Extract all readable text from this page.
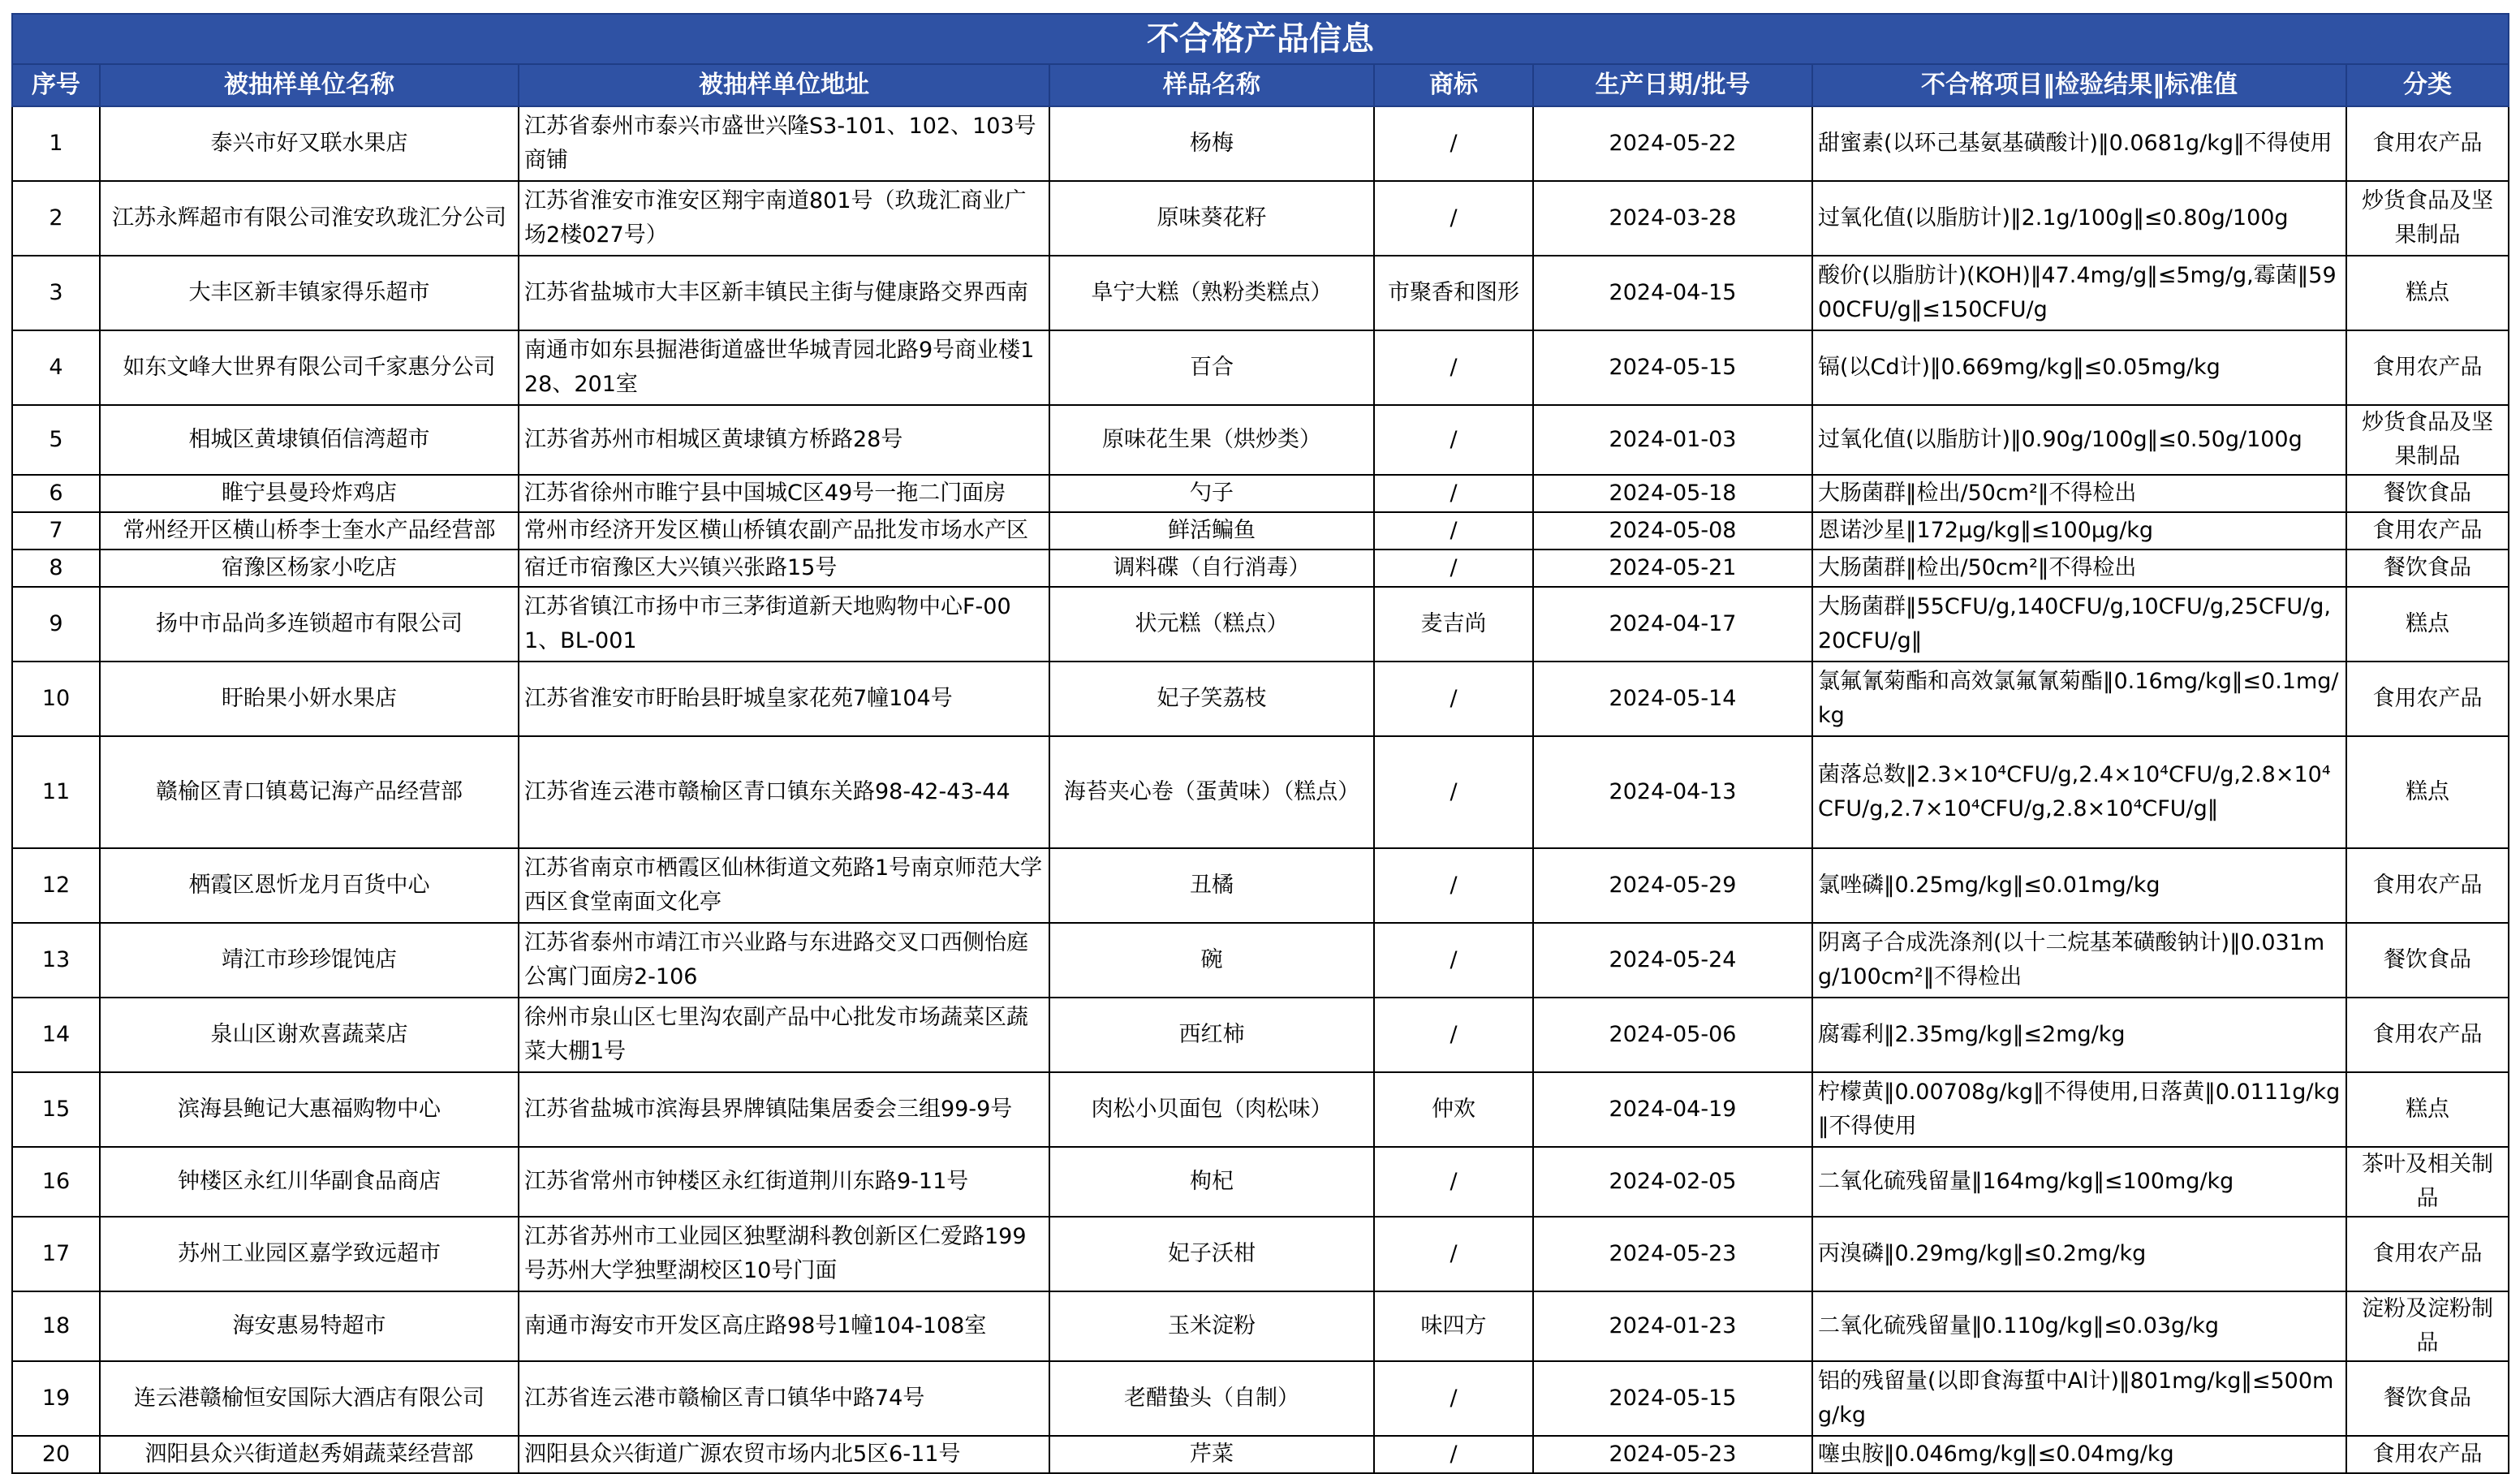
不合格产品信息							
序号	被抽样单位名称	被抽样单位地址	样品名称	商标	生产日期/批号	不合格项目‖检验结果‖标准值	分类
1	泰兴市好又联水果店	江苏省泰州市泰兴市盛世兴隆S3-101、102、103号商铺	杨梅	/	2024-05-22	甜蜜素(以环己基氨基磺酸计)‖0.0681g/kg‖不得使用	食用农产品
2	江苏永辉超市有限公司淮安玖珑汇分公司	江苏省淮安市淮安区翔宇南道801号（玖珑汇商业广场2楼027号）	原味葵花籽	/	2024-03-28	过氧化值(以脂肪计)‖2.1g/100g‖≤0.80g/100g	炒货食品及坚果制品
3	大丰区新丰镇家得乐超市	江苏省盐城市大丰区新丰镇民主街与健康路交界西南	阜宁大糕（熟粉类糕点）	市聚香和图形	2024-04-15	酸价(以脂肪计)(KOH)‖47.4mg/g‖≤5mg/g,霉菌‖5900CFU/g‖≤150CFU/g	糕点
4	如东文峰大世界有限公司千家惠分公司	南通市如东县掘港街道盛世华城青园北路9号商业楼128、201室	百合	/	2024-05-15	镉(以Cd计)‖0.669mg/kg‖≤0.05mg/kg	食用农产品
5	相城区黄埭镇佰信湾超市	江苏省苏州市相城区黄埭镇方桥路28号	原味花生果（烘炒类）	/	2024-01-03	过氧化值(以脂肪计)‖0.90g/100g‖≤0.50g/100g	炒货食品及坚果制品
6	睢宁县曼玲炸鸡店	江苏省徐州市睢宁县中国城C区49号一拖二门面房	勺子	/	2024-05-18	大肠菌群‖检出/50cm²‖不得检出	餐饮食品
7	常州经开区横山桥李士奎水产品经营部	常州市经济开发区横山桥镇农副产品批发市场水产区	鲜活鳊鱼	/	2024-05-08	恩诺沙星‖172μg/kg‖≤100μg/kg	食用农产品
8	宿豫区杨家小吃店	宿迁市宿豫区大兴镇兴张路15号	调料碟（自行消毒）	/	2024-05-21	大肠菌群‖检出/50cm²‖不得检出	餐饮食品
9	扬中市品尚多连锁超市有限公司	江苏省镇江市扬中市三茅街道新天地购物中心F-001、BL-001	状元糕（糕点）	麦吉尚	2024-04-17	大肠菌群‖55CFU/g,140CFU/g,10CFU/g,25CFU/g,20CFU/g‖	糕点
10	盱眙果小妍水果店	江苏省淮安市盱眙县盱城皇家花苑7幢104号	妃子笑荔枝	/	2024-05-14	氯氟氰菊酯和高效氯氟氰菊酯‖0.16mg/kg‖≤0.1mg/kg	食用农产品
11	赣榆区青口镇葛记海产品经营部	江苏省连云港市赣榆区青口镇东关路98-42-43-44	海苔夹心卷（蛋黄味）（糕点）	/	2024-04-13	菌落总数‖2.3×10⁴CFU/g,2.4×10⁴CFU/g,2.8×10⁴CFU/g,2.7×10⁴CFU/g,2.8×10⁴CFU/g‖	糕点
12	栖霞区恩忻龙月百货中心	江苏省南京市栖霞区仙林街道文苑路1号南京师范大学西区食堂南面文化亭	丑橘	/	2024-05-29	氯唑磷‖0.25mg/kg‖≤0.01mg/kg	食用农产品
13	靖江市珍珍馄饨店	江苏省泰州市靖江市兴业路与东进路交叉口西侧怡庭公寓门面房2-106	碗	/	2024-05-24	阴离子合成洗涤剂(以十二烷基苯磺酸钠计)‖0.031mg/100cm²‖不得检出	餐饮食品
14	泉山区谢欢喜蔬菜店	徐州市泉山区七里沟农副产品中心批发市场蔬菜区蔬菜大棚1号	西红柿	/	2024-05-06	腐霉利‖2.35mg/kg‖≤2mg/kg	食用农产品
15	滨海县鲍记大惠福购物中心	江苏省盐城市滨海县界牌镇陆集居委会三组99-9号	肉松小贝面包（肉松味）	仲欢	2024-04-19	柠檬黄‖0.00708g/kg‖不得使用,日落黄‖0.0111g/kg‖不得使用	糕点
16	钟楼区永红川华副食品商店	江苏省常州市钟楼区永红街道荆川东路9-11号	枸杞	/	2024-02-05	二氧化硫残留量‖164mg/kg‖≤100mg/kg	茶叶及相关制品
17	苏州工业园区嘉学致远超市	江苏省苏州市工业园区独墅湖科教创新区仁爱路199号苏州大学独墅湖校区10号门面	妃子沃柑	/	2024-05-23	丙溴磷‖0.29mg/kg‖≤0.2mg/kg	食用农产品
18	海安惠易特超市	南通市海安市开发区高庄路98号1幢104-108室	玉米淀粉	味四方	2024-01-23	二氧化硫残留量‖0.110g/kg‖≤0.03g/kg	淀粉及淀粉制品
19	连云港赣榆恒安国际大酒店有限公司	江苏省连云港市赣榆区青口镇华中路74号	老醋蛰头（自制）	/	2024-05-15	铝的残留量(以即食海蜇中Al计)‖801mg/kg‖≤500mg/kg	餐饮食品
20	泗阳县众兴街道赵秀娟蔬菜经营部	泗阳县众兴街道广源农贸市场内北5区6-11号	芹菜	/	2024-05-23	噻虫胺‖0.046mg/kg‖≤0.04mg/kg	食用农产品
